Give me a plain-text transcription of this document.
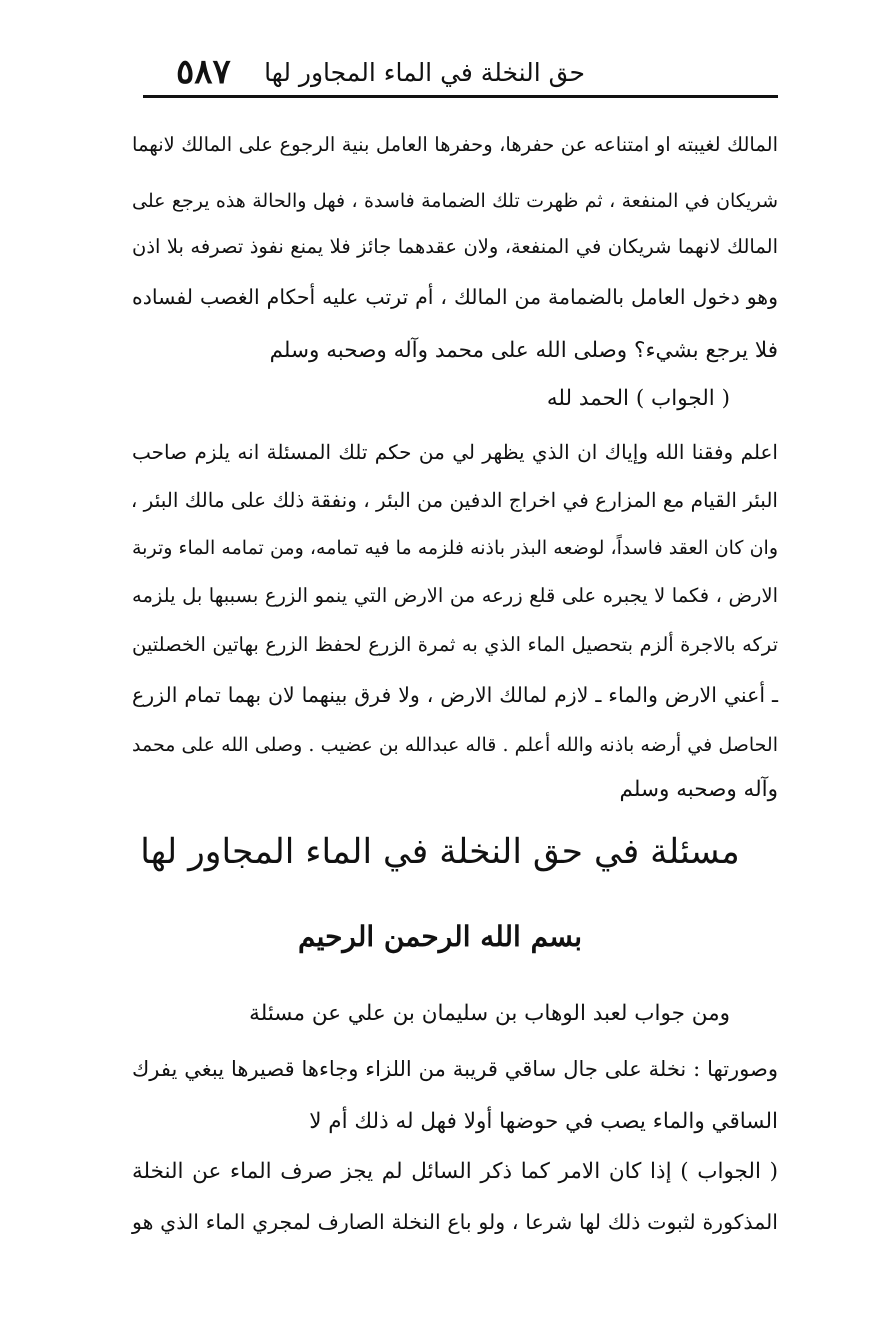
حق النخلة في الماء المجاور لها
٥٨٧
المالك لغيبته او امتناعه عن حفرها، وحفرها العامل بنية الرجوع على المالك لانهما
شريكان في المنفعة ، ثم ظهرت تلك الضمامة فاسدة ، فهل والحالة هذه يرجع على
المالك لانهما شريكان في المنفعة، ولان عقدهما جائز فلا يمنع نفوذ تصرفه بلا اذن
وهو دخول العامل بالضمامة من المالك ، أم ترتب عليه أحكام الغصب لفساده
فلا يرجع بشيء؟ وصلى الله على محمد وآله وصحبه وسلم
( الجواب ) الحمد لله
اعلم وفقنا الله وإياك ان الذي يظهر لي من حكم تلك المسئلة انه يلزم صاحب
البئر القيام مع المزارع في اخراج الدفين من البئر ، ونفقة ذلك على مالك البئر ،
وان كان العقد فاسداً، لوضعه البذر باذنه فلزمه ما فيه تمامه، ومن تمامه الماء وتربة
الارض ، فكما لا يجبره على قلع زرعه من الارض التي ينمو الزرع بسببها بل يلزمه
تركه بالاجرة ألزم بتحصيل الماء الذي به ثمرة الزرع لحفظ الزرع بهاتين الخصلتين
ـ أعني الارض والماء ـ لازم لمالك الارض ، ولا فرق بينهما لان بهما تمام الزرع
الحاصل في أرضه باذنه والله أعلم . قاله عبدالله بن عضيب . وصلى الله على محمد
وآله وصحبه وسلم
مسئلة في حق النخلة في الماء المجاور لها
بسم الله الرحمن الرحيم
ومن جواب لعبد الوهاب بن سليمان بن علي عن مسئلة
وصورتها : نخلة على جال ساقي قريبة من اللزاء وجاءها قصيرها يبغي يفرك
الساقي والماء يصب في حوضها أولا فهل له ذلك أم لا
( الجواب ) إذا كان الامر كما ذكر السائل لم يجز صرف الماء عن النخلة
المذكورة لثبوت ذلك لها شرعا ، ولو باع النخلة الصارف لمجري الماء الذي هو
